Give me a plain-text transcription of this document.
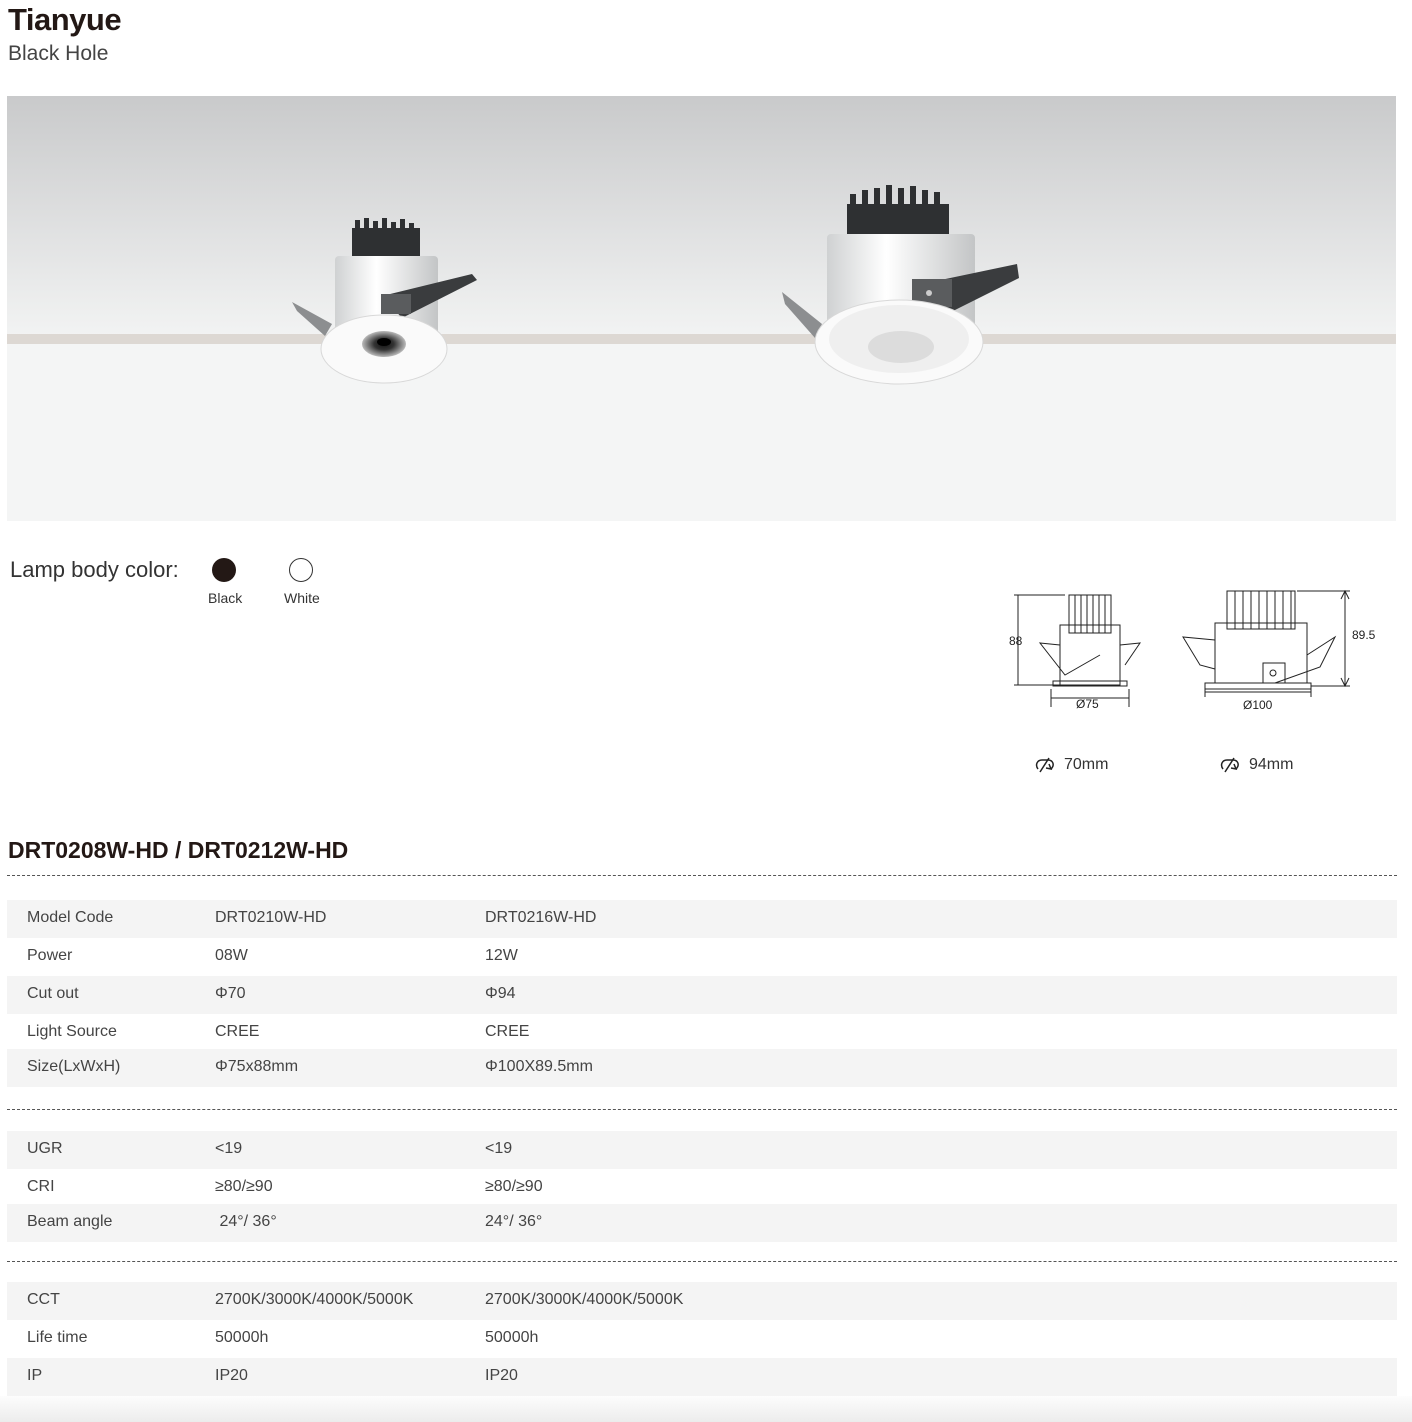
Tianyue
Black Hole
Lamp body color:
Black	White
88
Ø75
89.5
Ø100
70mm	94mm
DRT0208W-HD / DRT0212W-HD
Model Code	DRT0210W-HD	DRT0216W-HD
Power	08W	12W
Cut out	Φ70	Φ94
Light Source	CREE	CREE
Size(LxWxH)	Φ75x88mm	Φ100X89.5mm
UGR	<19	<19
CRI	≥80/≥90	≥80/≥90
Beam angle	24°/ 36°	24°/ 36°
CCT	2700K/3000K/4000K/5000K	2700K/3000K/4000K/5000K
Life time	50000h	50000h
IP	IP20	IP20
